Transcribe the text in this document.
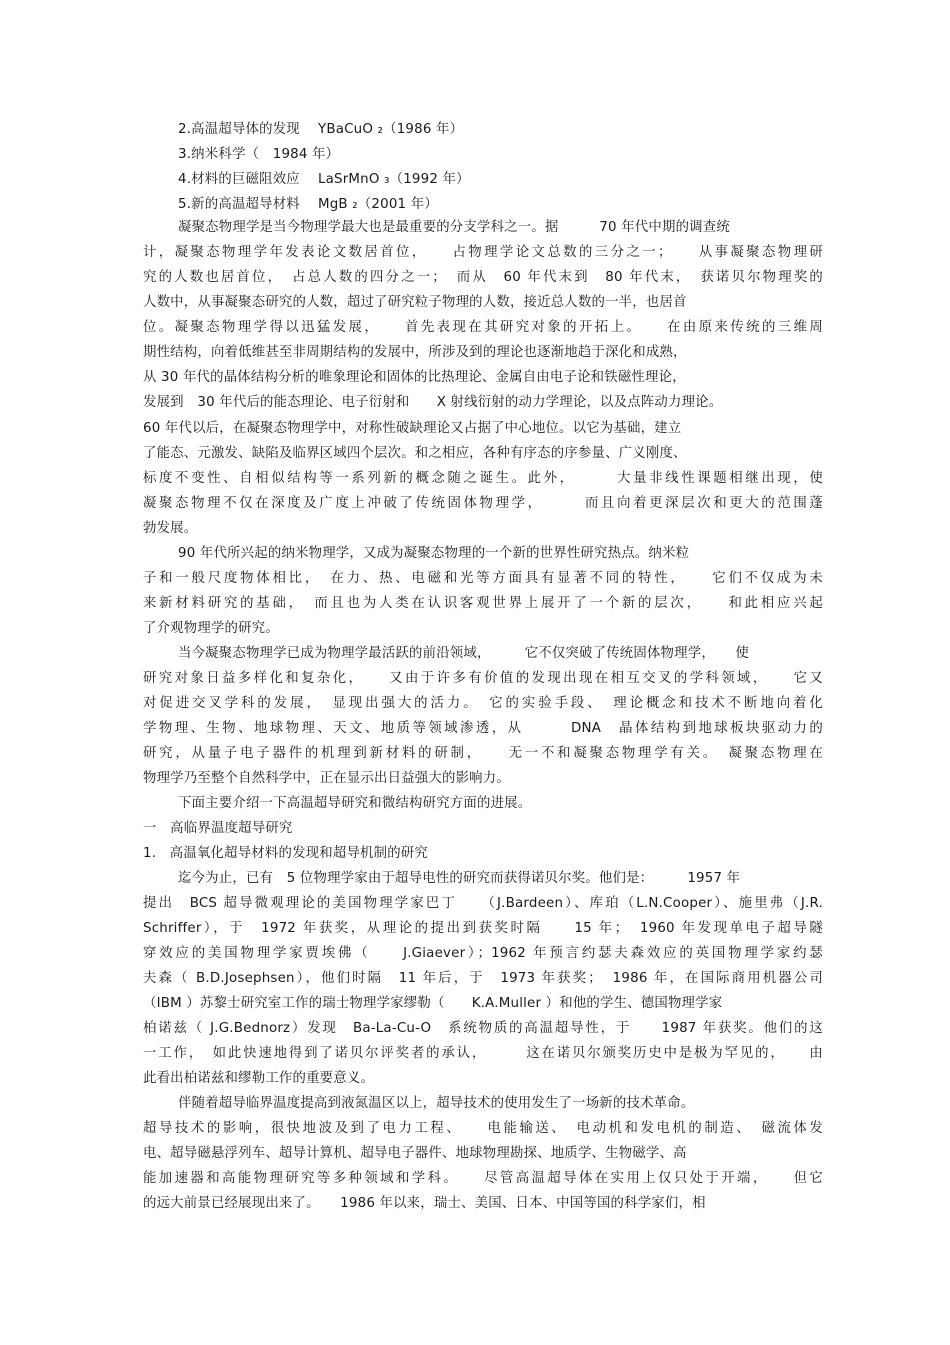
2.高温超导体的发现　 YBaCuO ₂（1986 年）
3.纳米科学（　1984 年）
4.材料的巨磁阻效应　 LaSrMnO ₃（1992 年）
5.新的高温超导材料　 MgB ₂（2001 年）
凝聚态物理学是当今物理学最大也是最重要的分支学科之一。据　　　70 年代中期的调查统
计，凝聚态物理学年发表论文数居首位，　　占物理学论文总数的三分之一；　　从事凝聚态物理研
究的人数也居首位，　占总人数的四分之一；　而从　60 年代末到　80 年代末，　获诺贝尔物理奖的
人数中，从事凝聚态研究的人数，超过了研究粒子物理的人数，接近总人数的一半，也居首
位。凝聚态物理学得以迅猛发展，　　首先表现在其研究对象的开拓上。　　在由原来传统的三维周
期性结构，向着低维甚至非周期结构的发展中，所涉及到的理论也逐渐地趋于深化和成熟，
从 30 年代的晶体结构分析的唯象理论和固体的比热理论、金属自由电子论和铁磁性理论，
发展到　30 年代后的能态理论、电子衍射和　　X 射线衍射的动力学理论，以及点阵动力理论。
60 年代以后，在凝聚态物理学中，对称性破缺理论又占据了中心地位。以它为基础，建立
了能态、元激发、缺陷及临界区域四个层次。和之相应，各种有序态的序参量、广义刚度、
标度不变性、自相似结构等一系列新的概念随之诞生。此外，　　　大量非线性课题相继出现，使
凝聚态物理不仅在深度及广度上冲破了传统固体物理学，　　　而且向着更深层次和更大的范围蓬
勃发展。
90 年代所兴起的纳米物理学，又成为凝聚态物理的一个新的世界性研究热点。纳米粒
子和一般尺度物体相比，　在力、热、电磁和光等方面具有显著不同的特性，　　它们不仅成为未
来新材料研究的基础，　而且也为人类在认识客观世界上展开了一个新的层次，　　和此相应兴起
了介观物理学的研究。
当今凝聚态物理学已成为物理学最活跃的前沿领域，　　　它不仅突破了传统固体物理学，　　使
研究对象日益多样化和复杂化，　　又由于许多有价值的发现出现在相互交叉的学科领域，　　它又
对促进交叉学科的发展，　显现出强大的活力。　它的实验手段、　理论概念和技术不断地向着化
学物理、生物、地球物理、天文、地质等领域渗透，从　　　DNA　晶体结构到地球板块驱动力的
研究，从量子电子器件的机理到新材料的研制，　　无一不和凝聚态物理学有关。　凝聚态物理在
物理学乃至整个自然科学中，正在显示出日益强大的影响力。
下面主要介绍一下高温超导研究和微结构研究方面的进展。
一　高临界温度超导研究
1.　高温氧化超导材料的发现和超导机制的研究
迄今为止，已有　5 位物理学家由于超导电性的研究而获得诺贝尔奖。他们是：　　　1957 年
提出　BCS 超导微观理论的美国物理学家巴丁　　（J.Bardeen）、库珀（L.N.Cooper）、施里弗（J.R.
Schriffer），于　1972 年获奖，从理论的提出到获奖时隔　　15 年；　1960 年发现单电子超导隧
穿效应的美国物理学家贾埃佛（　　J.Giaever）；1962 年预言约瑟夫森效应的英国物理学家约瑟
夫森（ B.D.Josephsen），他们时隔　11 年后，于　1973 年获奖；　1986 年，在国际商用机器公司
（IBM ）苏黎士研究室工作的瑞士物理学家缪勒（　　K.A.Muller ）和他的学生、德国物理学家
柏诺兹（ J.G.Bednorz）发现　Ba-La-Cu-O　系统物质的高温超导性，于　　1987 年获奖。他们的这
一工作，　如此快速地得到了诺贝尔评奖者的承认，　　　这在诺贝尔颁奖历史中是极为罕见的，　　由
此看出柏诺兹和缪勒工作的重要意义。
伴随着超导临界温度提高到液氮温区以上，超导技术的使用发生了一场新的技术革命。
超导技术的影响，很快地波及到了电力工程、　　电能输送、　电动机和发电机的制造、　磁流体发
电、超导磁悬浮列车、超导计算机、超导电子器件、地球物理勘探、地质学、生物磁学、高
能加速器和高能物理研究等多种领域和学科。　　尽管高温超导体在实用上仅只处于开端，　　但它
的远大前景已经展现出来了。　　1986 年以来，瑞士、美国、日本、中国等国的科学家们，相
